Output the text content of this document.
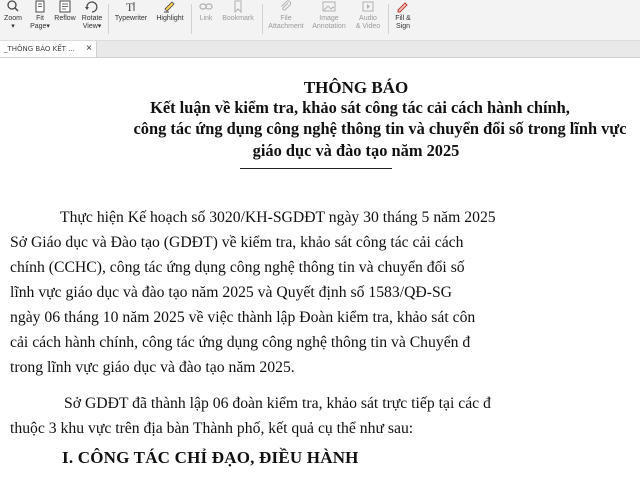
Zoom
▾
Fit
Page▾
Reflow Rotate
View▾
T
Typewriter Highlight Link Bookmark	File
Attachment
Image
Annotation
Audio
& Video
Fill &
Sign
_THÔNG BÁO KẾT ... ×
THÔNG BÁO
Kết luận về kiểm tra, khảo sát công tác cải cách hành chính,
công tác ứng dụng công nghệ thông tin và chuyển đổi số trong lĩnh vực
giáo dục và đào tạo năm 2025
Thực hiện Kế hoạch số 3020/KH-SGDĐT ngày 30 tháng 5 năm 2025
Sở Giáo dục và Đào tạo (GDĐT) về kiểm tra, khảo sát công tác cải cách
chính (CCHC), công tác ứng dụng công nghệ thông tin và chuyển đổi số
lĩnh vực giáo dục và đào tạo năm 2025 và Quyết định số 1583/QĐ-SG
ngày 06 tháng 10 năm 2025 về việc thành lập Đoàn kiểm tra, khảo sát côn
cải cách hành chính, công tác ứng dụng công nghệ thông tin và Chuyển đ
trong lĩnh vực giáo dục và đào tạo năm 2025.
Sở GDĐT đã thành lập 06 đoàn kiểm tra, khảo sát trực tiếp tại các đ
thuộc 3 khu vực trên địa bàn Thành phố, kết quả cụ thể như sau:
I. CÔNG TÁC CHỈ ĐẠO, ĐIỀU HÀNH
